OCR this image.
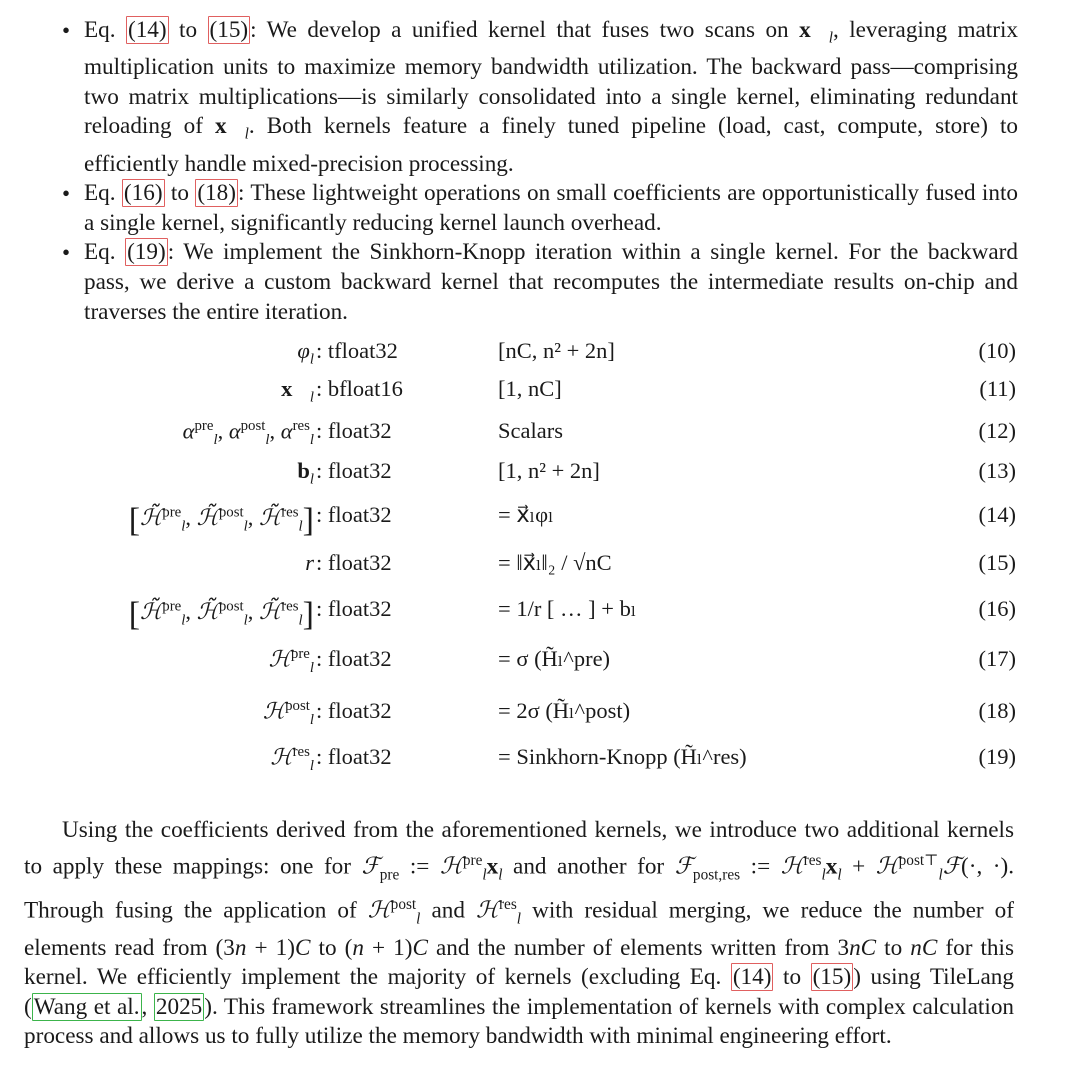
• Eq. (14) to (15): We develop a unified kernel that fuses two scans on $x⃗_l$, leveraging matrix multiplication units to maximize memory bandwidth utilization. The backward pass—comprising two matrix multiplications—is similarly consolidated into a single kernel, eliminating redundant reloading of $x⃗_l$. Both kernels feature a finely tuned pipeline (load, cast, compute, store) to efficiently handle mixed-precision processing.
• Eq. (16) to (18): These lightweight operations on small coefficients are opportunistically fused into a single kernel, significantly reducing kernel launch overhead.
• Eq. (19): We implement the Sinkhorn-Knopp iteration within a single kernel. For the backward pass, we derive a custom backward kernel that recomputes the intermediate results on-chip and traverses the entire iteration.
$\varphi_l$ : tfloat32	[nC, n² + 2n]	(10)
$x⃗_l$ : bfloat16	[1, nC]	(11)
$\alpha^{pre}_l$, $\alpha^{post}_l$, $\alpha^{res}_l$ : float32	Scalars	(12)
$b_l$ : float32	[1, n² + 2n]	(13)
[ℋ̃$^{pre}_l$, ℋ̃$^{post}_l$, ℋ̃$^{res}_l$] : float32	= x⃗ₗφₗ	(14)
r : float32	= ‖x⃗ₗ‖₂ / √nC	(15)
[ℋ̃$^{pre}_l$, ℋ̃$^{post}_l$, ℋ̃$^{res}_l$] : float32	= 1/r [ … ] + bₗ	(16)
ℋ$^{pre}_l$ : float32	= σ (H̃ₗ^pre)	(17)
ℋ$^{post}_l$ : float32	= 2σ (H̃ₗ^post)	(18)
ℋ$^{res}_l$ : float32	= Sinkhorn-Knopp (H̃ₗ^res)	(19)

Using the coefficients derived from the aforementioned kernels, we introduce two additional kernels to apply these mappings: one for ℱ$_{pre}$ := $ℋ^{pre}_lx_l$ and another for ℱ$_{post,res}$ := $ℋ^{res}_lx_l$ + ℋ$^{post⊤}_l$ℱ(·, ·). Through fusing the application of ℋ$^{post}_l$ and ℋ$^{res}_l$ with residual merging, we reduce the number of elements read from (3n + 1)C to (n + 1)C and the number of elements written from 3nC to nC for this kernel. We efficiently implement the majority of kernels (excluding Eq. (14) to (15)) using TileLang (Wang et al., 2025). This framework streamlines the implementation of kernels with complex calculation process and allows us to fully utilize the memory bandwidth with minimal engineering effort.
